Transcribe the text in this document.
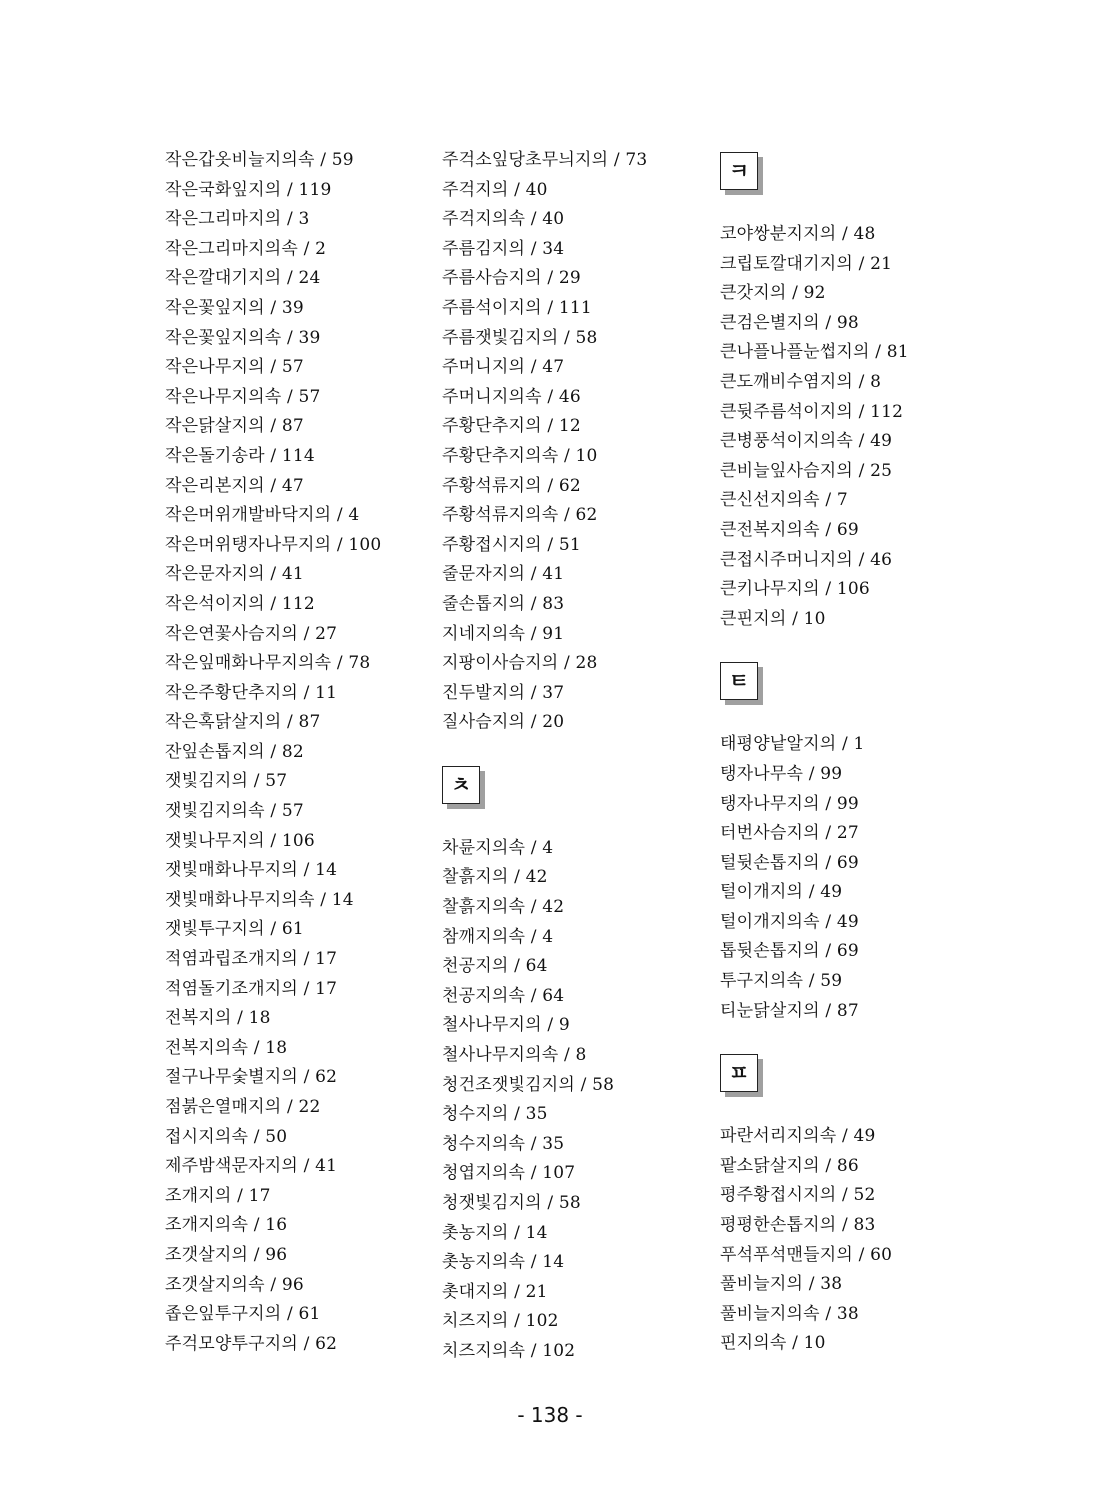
작은갑옷비늘지의속 / 59
작은국화잎지의 / 119
작은그리마지의 / 3
작은그리마지의속 / 2
작은깔대기지의 / 24
작은꽃잎지의 / 39
작은꽃잎지의속 / 39
작은나무지의 / 57
작은나무지의속 / 57
작은닭살지의 / 87
작은돌기송라 / 114
작은리본지의 / 47
작은머위개발바닥지의 / 4
작은머위탱자나무지의 / 100
작은문자지의 / 41
작은석이지의 / 112
작은연꽃사슴지의 / 27
작은잎매화나무지의속 / 78
작은주황단추지의 / 11
작은혹닭살지의 / 87
잔잎손톱지의 / 82
잿빛김지의 / 57
잿빛김지의속 / 57
잿빛나무지의 / 106
잿빛매화나무지의 / 14
잿빛매화나무지의속 / 14
잿빛투구지의 / 61
적염과립조개지의 / 17
적염돌기조개지의 / 17
전복지의 / 18
전복지의속 / 18
절구나무숯별지의 / 62
점붉은열매지의 / 22
접시지의속 / 50
제주밤색문자지의 / 41
조개지의 / 17
조개지의속 / 16
조갯살지의 / 96
조갯살지의속 / 96
좁은잎투구지의 / 61
주걱모양투구지의 / 62
주걱소잎당초무늬지의 / 73
주걱지의 / 40
주걱지의속 / 40
주름김지의 / 34
주름사슴지의 / 29
주름석이지의 / 111
주름잿빛김지의 / 58
주머니지의 / 47
주머니지의속 / 46
주황단추지의 / 12
주황단추지의속 / 10
주황석류지의 / 62
주황석류지의속 / 62
주황접시지의 / 51
줄문자지의 / 41
줄손톱지의 / 83
지네지의속 / 91
지팡이사슴지의 / 28
진두발지의 / 37
질사슴지의 / 20
ㅊ
차륜지의속 / 4
찰흙지의 / 42
찰흙지의속 / 42
참깨지의속 / 4
천공지의 / 64
천공지의속 / 64
철사나무지의 / 9
철사나무지의속 / 8
청건조잿빛김지의 / 58
청수지의 / 35
청수지의속 / 35
청엽지의속 / 107
청잿빛김지의 / 58
촛농지의 / 14
촛농지의속 / 14
촛대지의 / 21
치즈지의 / 102
치즈지의속 / 102
ㅋ
코야쌍분지지의 / 48
크립토깔대기지의 / 21
큰갓지의 / 92
큰검은별지의 / 98
큰나플나플눈썹지의 / 81
큰도깨비수염지의 / 8
큰뒷주름석이지의 / 112
큰병풍석이지의속 / 49
큰비늘잎사슴지의 / 25
큰신선지의속 / 7
큰전복지의속 / 69
큰접시주머니지의 / 46
큰키나무지의 / 106
큰핀지의 / 10
ㅌ
태평양낱알지의 / 1
탱자나무속 / 99
탱자나무지의 / 99
터번사슴지의 / 27
털뒷손톱지의 / 69
털이개지의 / 49
털이개지의속 / 49
톱뒷손톱지의 / 69
투구지의속 / 59
티눈닭살지의 / 87
ㅍ
파란서리지의속 / 49
팥소닭살지의 / 86
평주황접시지의 / 52
평평한손톱지의 / 83
푸석푸석맨들지의 / 60
풀비늘지의 / 38
풀비늘지의속 / 38
핀지의속 / 10
- 138 -
